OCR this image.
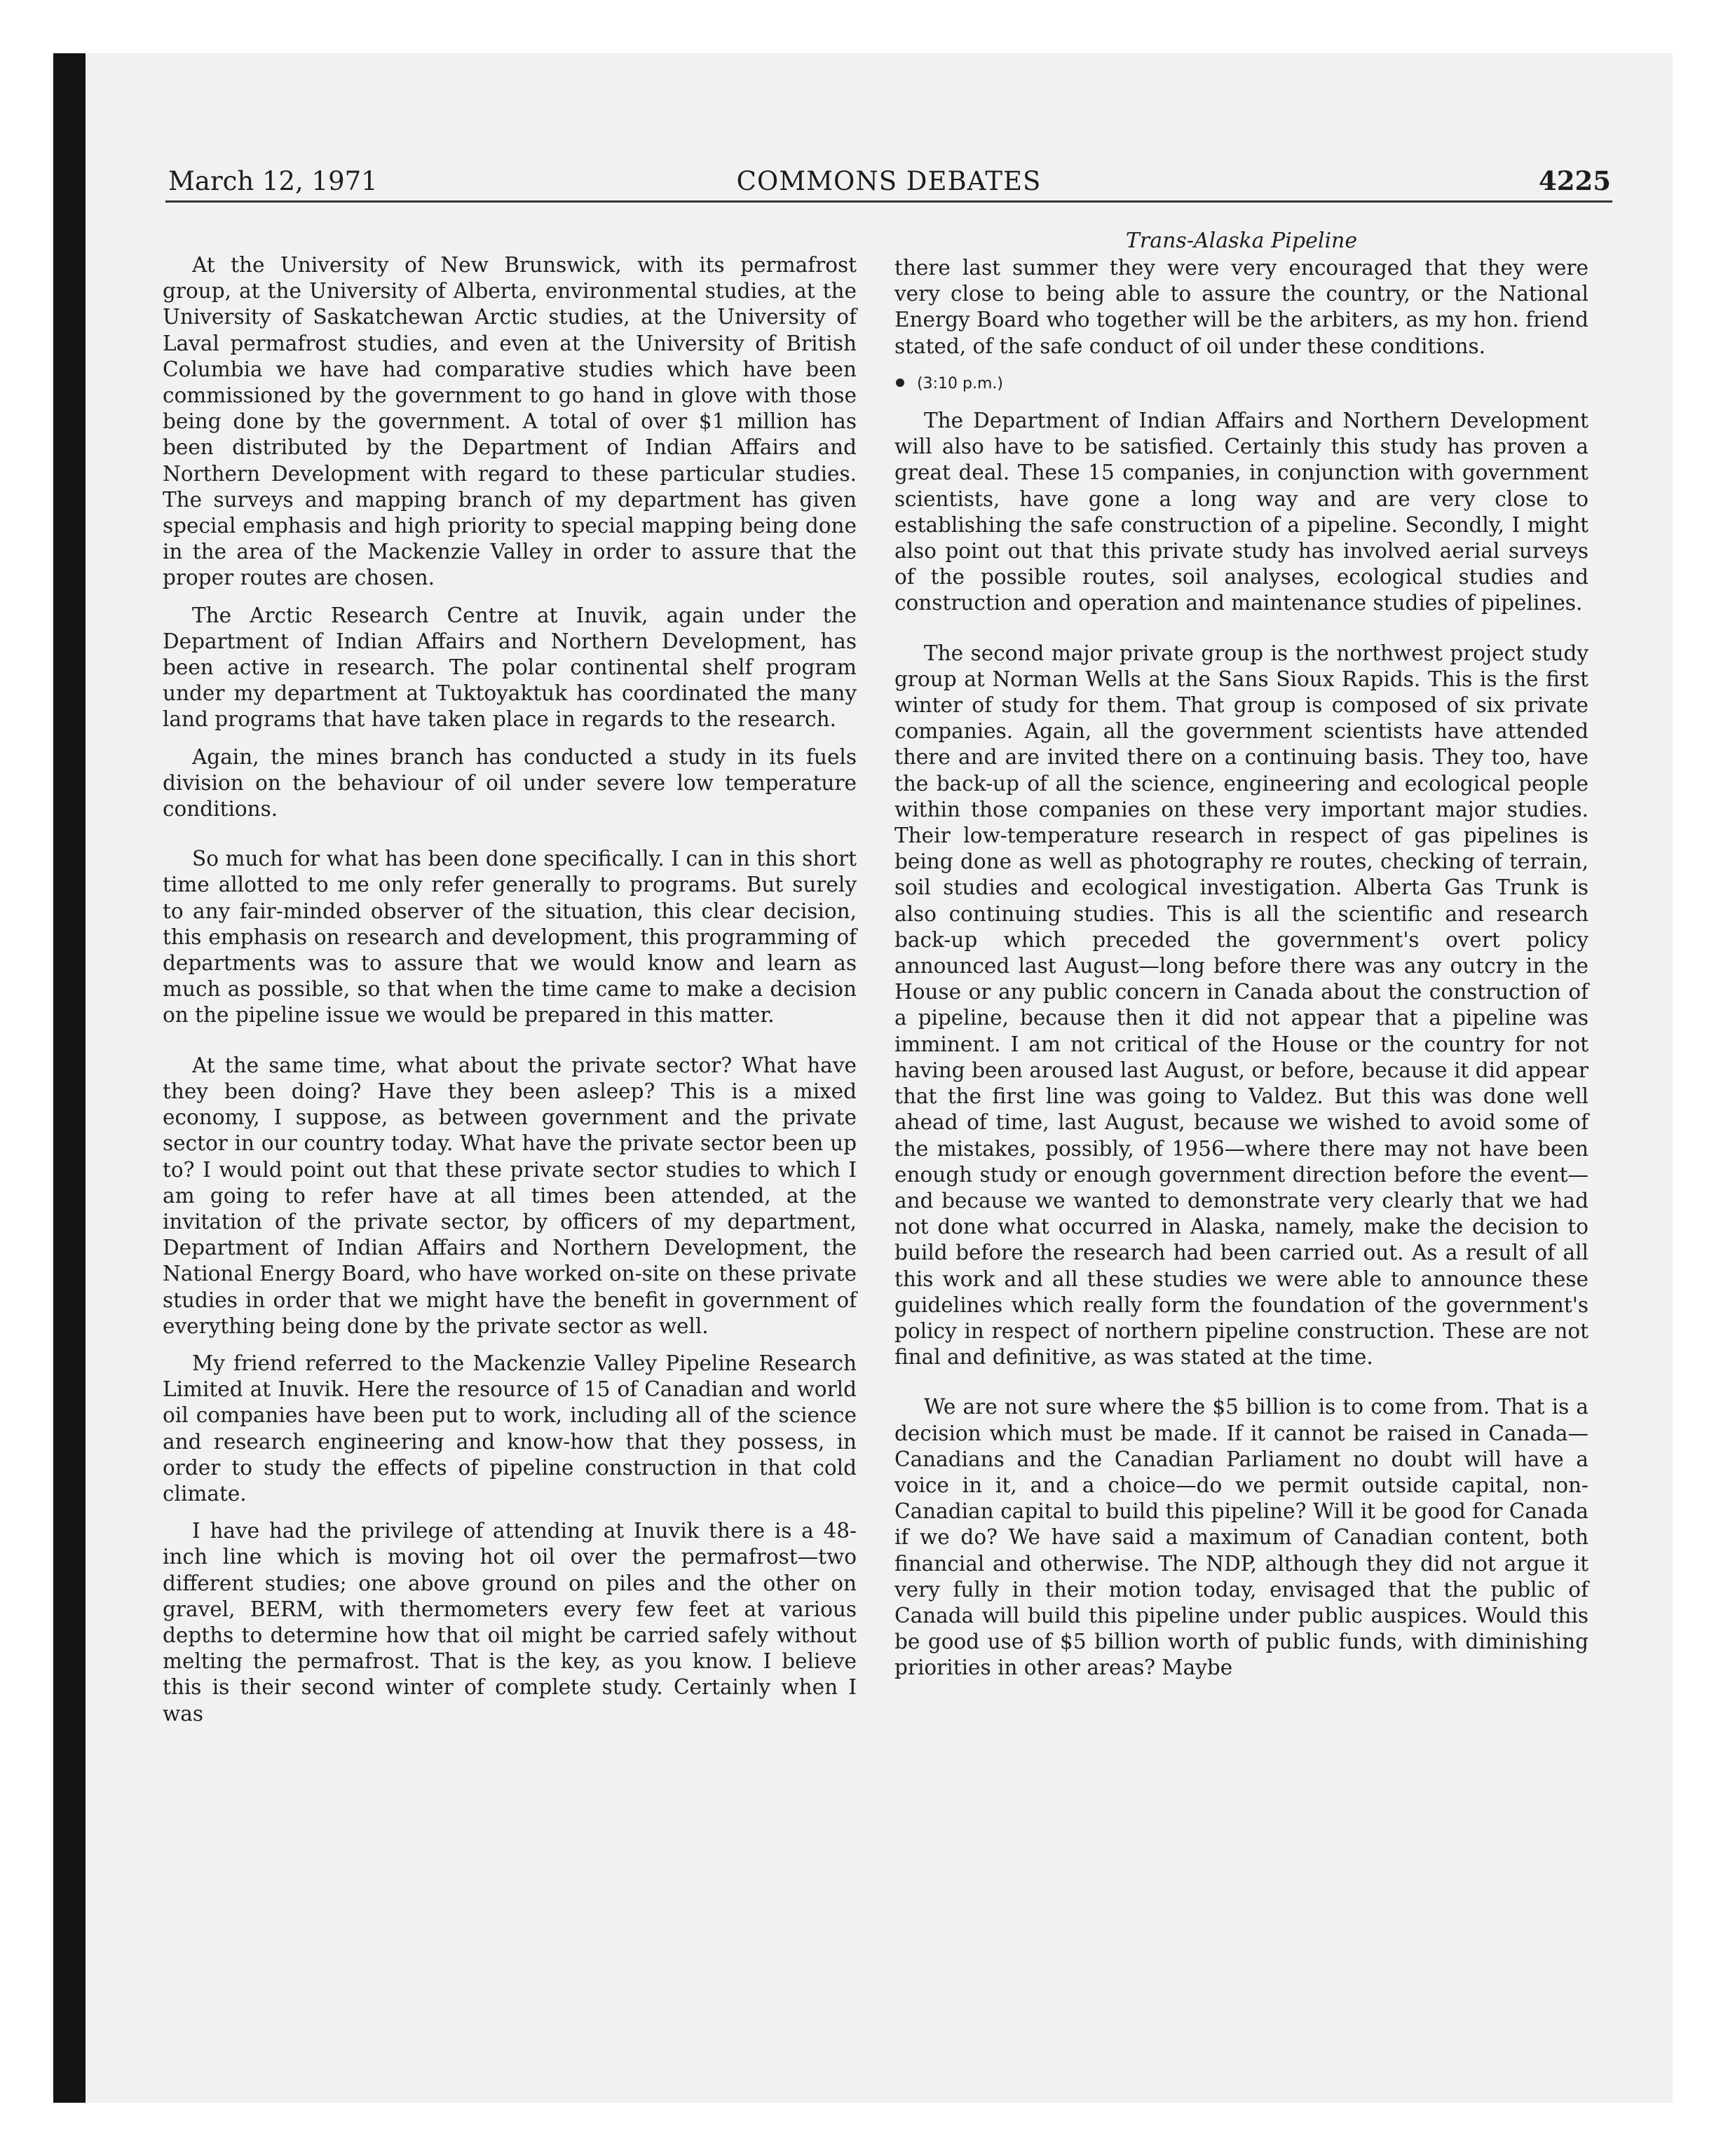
March 12, 1971	COMMONS DEBATES	4225

At the University of New Brunswick, with its permafrost group, at the University of Alberta, environmental studies, at the University of Saskatchewan Arctic studies, at the University of Laval permafrost studies, and even at the University of British Columbia we have had comparative studies which have been commissioned by the government to go hand in glove with those being done by the government. A total of over $1 million has been distributed by the Department of Indian Affairs and Northern Development with regard to these particular studies. The surveys and mapping branch of my department has given special emphasis and high priority to special mapping being done in the area of the Mackenzie Valley in order to assure that the proper routes are chosen.

The Arctic Research Centre at Inuvik, again under the Department of Indian Affairs and Northern Development, has been active in research. The polar continental shelf program under my department at Tuktoyaktuk has coordinated the many land programs that have taken place in regards to the research.

Again, the mines branch has conducted a study in its fuels division on the behaviour of oil under severe low temperature conditions.

So much for what has been done specifically. I can in this short time allotted to me only refer generally to programs. But surely to any fair-minded observer of the situation, this clear decision, this emphasis on research and development, this programming of departments was to assure that we would know and learn as much as possible, so that when the time came to make a decision on the pipeline issue we would be prepared in this matter.

At the same time, what about the private sector? What have they been doing? Have they been asleep? This is a mixed economy, I suppose, as between government and the private sector in our country today. What have the private sector been up to? I would point out that these private sector studies to which I am going to refer have at all times been attended, at the invitation of the private sector, by officers of my department, Department of Indian Affairs and Northern Development, the National Energy Board, who have worked on-site on these private studies in order that we might have the benefit in government of everything being done by the private sector as well.

My friend referred to the Mackenzie Valley Pipeline Research Limited at Inuvik. Here the resource of 15 of Canadian and world oil companies have been put to work, including all of the science and research engineering and know-how that they possess, in order to study the effects of pipeline construction in that cold climate.

I have had the privilege of attending at Inuvik there is a 48-inch line which is moving hot oil over the permafrost—two different studies; one above ground on piles and the other on gravel, BERM, with thermometers every few feet at various depths to determine how that oil might be carried safely without melting the permafrost. That is the key, as you know. I believe this is their second winter of complete study. Certainly when I was

Trans-Alaska Pipeline

there last summer they were very encouraged that they were very close to being able to assure the country, or the National Energy Board who together will be the arbiters, as my hon. friend stated, of the safe conduct of oil under these conditions.

(3:10 p.m.)

The Department of Indian Affairs and Northern Development will also have to be satisfied. Certainly this study has proven a great deal. These 15 companies, in conjunction with government scientists, have gone a long way and are very close to establishing the safe construction of a pipeline. Secondly, I might also point out that this private study has involved aerial surveys of the possible routes, soil analyses, ecological studies and construction and operation and maintenance studies of pipelines.

The second major private group is the northwest project study group at Norman Wells at the Sans Sioux Rapids. This is the first winter of study for them. That group is composed of six private companies. Again, all the government scientists have attended there and are invited there on a continuing basis. They too, have the back-up of all the science, engineering and ecological people within those companies on these very important major studies. Their low-temperature research in respect of gas pipelines is being done as well as photography re routes, checking of terrain, soil studies and ecological investigation. Alberta Gas Trunk is also continuing studies. This is all the scientific and research back-up which preceded the government's overt policy announced last August—long before there was any outcry in the House or any public concern in Canada about the construction of a pipeline, because then it did not appear that a pipeline was imminent. I am not critical of the House or the country for not having been aroused last August, or before, because it did appear that the first line was going to Valdez. But this was done well ahead of time, last August, because we wished to avoid some of the mistakes, possibly, of 1956—where there may not have been enough study or enough government direction before the event—and because we wanted to demonstrate very clearly that we had not done what occurred in Alaska, namely, make the decision to build before the research had been carried out. As a result of all this work and all these studies we were able to announce these guidelines which really form the foundation of the government's policy in respect of northern pipeline construction. These are not final and definitive, as was stated at the time.

We are not sure where the $5 billion is to come from. That is a decision which must be made. If it cannot be raised in Canada—Canadians and the Canadian Parliament no doubt will have a voice in it, and a choice—do we permit outside capital, non-Canadian capital to build this pipeline? Will it be good for Canada if we do? We have said a maximum of Canadian content, both financial and otherwise. The NDP, although they did not argue it very fully in their motion today, envisaged that the public of Canada will build this pipeline under public auspices. Would this be good use of $5 billion worth of public funds, with diminishing priorities in other areas? Maybe
